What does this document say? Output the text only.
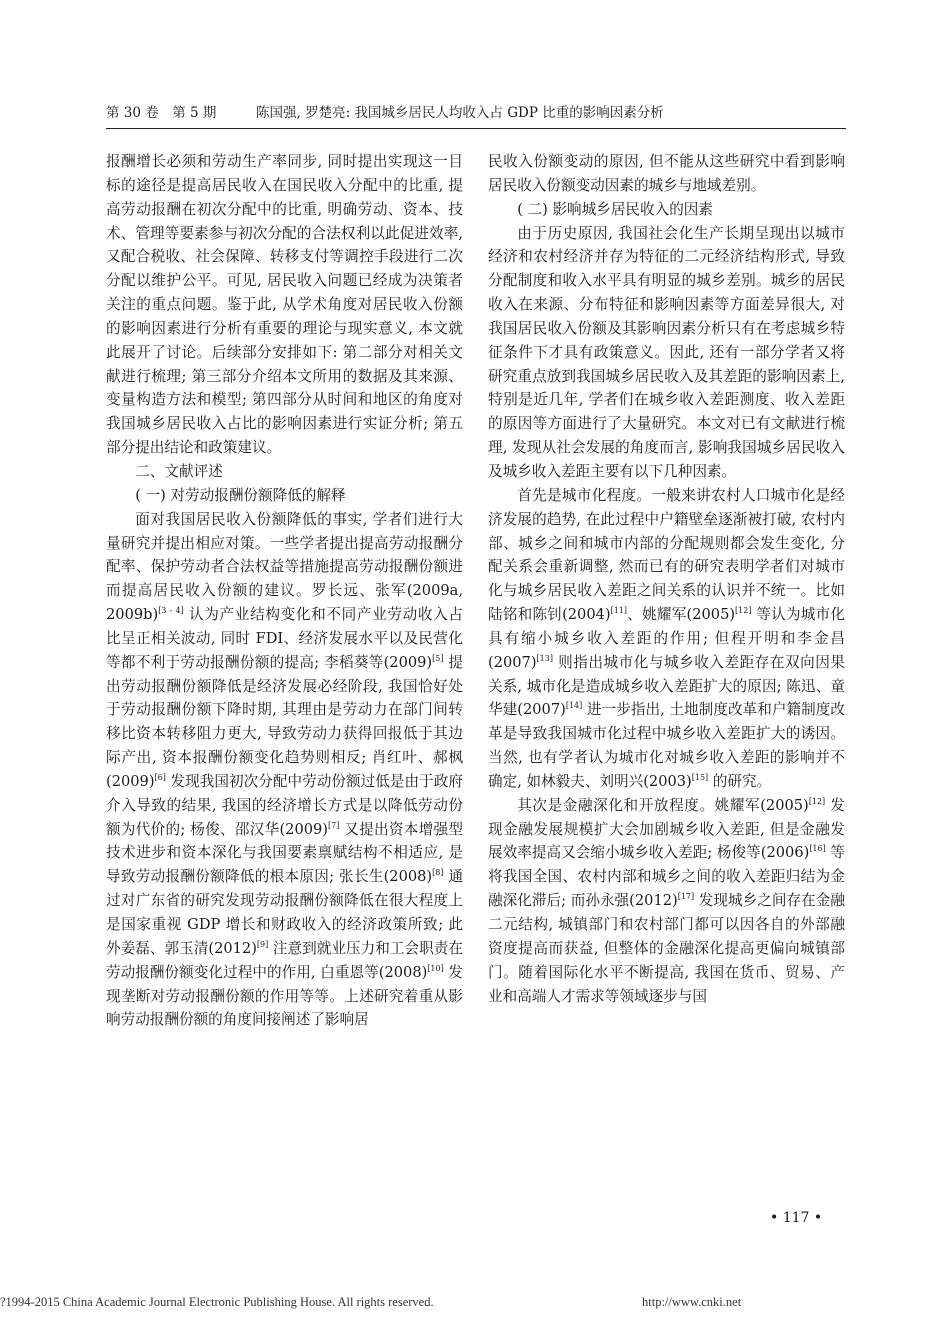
第 30 卷　第 5 期	陈国强, 罗楚亮: 我国城乡居民人均收入占 GDP 比重的影响因素分析

报酬增长必须和劳动生产率同步, 同时提出实现这一目标的途径是提高居民收入在国民收入分配中的比重, 提高劳动报酬在初次分配中的比重, 明确劳动、资本、技术、管理等要素参与初次分配的合法权利以此促进效率, 又配合税收、社会保障、转移支付等调控手段进行二次分配以维护公平。可见, 居民收入问题已经成为决策者关注的重点问题。鉴于此, 从学术角度对居民收入份额的影响因素进行分析有重要的理论与现实意义, 本文就此展开了讨论。后续部分安排如下: 第二部分对相关文献进行梳理; 第三部分介绍本文所用的数据及其来源、变量构造方法和模型; 第四部分从时间和地区的角度对我国城乡居民收入占比的影响因素进行实证分析; 第五部分提出结论和政策建议。

二、文献评述

( 一) 对劳动报酬份额降低的解释

面对我国居民收入份额降低的事实, 学者们进行大量研究并提出相应对策。一些学者提出提高劳动报酬分配率、保护劳动者合法权益等措施提高劳动报酬份额进而提高居民收入份额的建议。罗长远、张军(2009a, 2009b)[3 - 4] 认为产业结构变化和不同产业劳动收入占比呈正相关波动, 同时 FDI、经济发展水平以及民营化等都不利于劳动报酬份额的提高; 李稻葵等(2009)[5] 提出劳动报酬份额降低是经济发展必经阶段, 我国恰好处于劳动报酬份额下降时期, 其理由是劳动力在部门间转移比资本转移阻力更大, 导致劳动力获得回报低于其边际产出, 资本报酬份额变化趋势则相反; 肖红叶、郝枫(2009)[6] 发现我国初次分配中劳动份额过低是由于政府介入导致的结果, 我国的经济增长方式是以降低劳动份额为代价的; 杨俊、邵汉华(2009)[7] 又提出资本增强型技术进步和资本深化与我国要素禀赋结构不相适应, 是导致劳动报酬份额降低的根本原因; 张长生(2008)[8] 通过对广东省的研究发现劳动报酬份额降低在很大程度上是国家重视 GDP 增长和财政收入的经济政策所致; 此外姜磊、郭玉清(2012)[9] 注意到就业压力和工会职责在劳动报酬份额变化过程中的作用, 白重恩等(2008)[10] 发现垄断对劳动报酬份额的作用等等。上述研究着重从影响劳动报酬份额的角度间接阐述了影响居

民收入份额变动的原因, 但不能从这些研究中看到影响居民收入份额变动因素的城乡与地域差别。

( 二) 影响城乡居民收入的因素

由于历史原因, 我国社会化生产长期呈现出以城市经济和农村经济并存为特征的二元经济结构形式, 导致分配制度和收入水平具有明显的城乡差别。城乡的居民收入在来源、分布特征和影响因素等方面差异很大, 对我国居民收入份额及其影响因素分析只有在考虑城乡特征条件下才具有政策意义。因此, 还有一部分学者又将研究重点放到我国城乡居民收入及其差距的影响因素上, 特别是近几年, 学者们在城乡收入差距测度、收入差距的原因等方面进行了大量研究。本文对已有文献进行梳理, 发现从社会发展的角度而言, 影响我国城乡居民收入及城乡收入差距主要有以下几种因素。

首先是城市化程度。一般来讲农村人口城市化是经济发展的趋势, 在此过程中户籍壁垒逐渐被打破, 农村内部、城乡之间和城市内部的分配规则都会发生变化, 分配关系会重新调整, 然而已有的研究表明学者们对城市化与城乡居民收入差距之间关系的认识并不统一。比如陆铭和陈钊(2004)[11]、姚耀军(2005)[12] 等认为城市化具有缩小城乡收入差距的作用; 但程开明和李金昌(2007)[13] 则指出城市化与城乡收入差距存在双向因果关系, 城市化是造成城乡收入差距扩大的原因; 陈迅、童华建(2007)[14] 进一步指出, 土地制度改革和户籍制度改革是导致我国城市化过程中城乡收入差距扩大的诱因。当然, 也有学者认为城市化对城乡收入差距的影响并不确定, 如林毅夫、刘明兴(2003)[15] 的研究。

其次是金融深化和开放程度。姚耀军(2005)[12] 发现金融发展规模扩大会加剧城乡收入差距, 但是金融发展效率提高又会缩小城乡收入差距; 杨俊等(2006)[16] 等将我国全国、农村内部和城乡之间的收入差距归结为金融深化滞后; 而孙永强(2012)[17] 发现城乡之间存在金融二元结构, 城镇部门和农村部门都可以因各自的外部融资度提高而获益, 但整体的金融深化提高更偏向城镇部门。随着国际化水平不断提高, 我国在货币、贸易、产业和高端人才需求等领域逐步与国

• 117 •
?1994-2015 China Academic Journal Electronic Publishing House. All rights reserved.	http://www.cnki.net
